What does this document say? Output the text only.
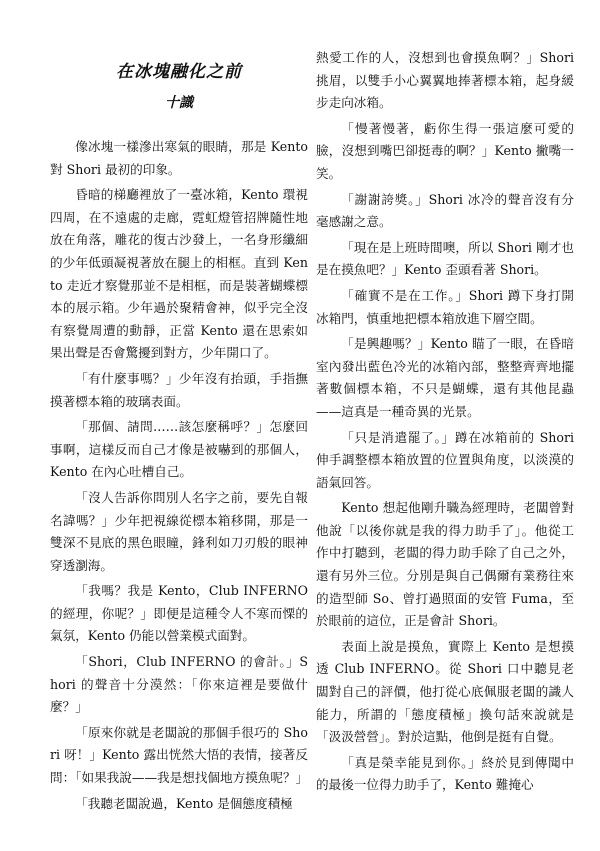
在冰塊融化之前
十識

像冰塊一樣滲出寒氣的眼睛，那是 Kento 對 Shori 最初的印象。

昏暗的梯廳裡放了一臺冰箱，Kento 環視四周，在不遠處的走廊，霓虹燈管招牌隨性地放在角落，雕花的復古沙發上，一名身形纖細的少年低頭凝視著放在腿上的相框。直到 Kento 走近才察覺那並不是相框，而是裝著蝴蝶標本的展示箱。少年過於聚精會神，似乎完全沒有察覺周遭的動靜，正當 Kento 還在思索如果出聲是否會驚擾到對方，少年開口了。

「有什麼事嗎？」少年沒有抬頭，手指撫摸著標本箱的玻璃表面。

「那個、請問……該怎麼稱呼？」怎麼回事啊，這樣反而自己才像是被嚇到的那個人，Kento 在內心吐槽自己。

「沒人告訴你問別人名字之前，要先自報名諱嗎？」少年把視線從標本箱移開，那是一雙深不見底的黑色眼瞳，鋒利如刀刃般的眼神穿透瀏海。

「我嗎？我是 Kento，Club INFERNO 的經理，你呢？」即便是這種令人不寒而慄的氣氛，Kento 仍能以營業模式面對。

「Shori，Club INFERNO 的會計。」Shori 的聲音十分漠然：「你來這裡是要做什麼？」

「原來你就是老闆說的那個手很巧的 Shori 呀！」Kento 露出恍然大悟的表情，接著反問：「如果我說——我是想找個地方摸魚呢？」

「我聽老闆說過，Kento 是個態度積極

熱愛工作的人，沒想到也會摸魚啊？」Shori 挑眉，以雙手小心翼翼地捧著標本箱，起身緩步走向冰箱。

「慢著慢著，虧你生得一張這麼可愛的臉，沒想到嘴巴卻挺毒的啊？」Kento 撇嘴一笑。

「謝謝誇獎。」Shori 冰冷的聲音沒有分毫感謝之意。

「現在是上班時間噢，所以 Shori 剛才也是在摸魚吧？」Kento 歪頭看著 Shori。

「確實不是在工作。」Shori 蹲下身打開冰箱門，慎重地把標本箱放進下層空間。

「是興趣嗎？」Kento 瞄了一眼，在昏暗室內發出藍色冷光的冰箱內部，整整齊齊地擺著數個標本箱，不只是蝴蝶，還有其他昆蟲——這真是一種奇異的光景。

「只是消遣罷了。」蹲在冰箱前的 Shori 伸手調整標本箱放置的位置與角度，以淡漠的語氣回答。

Kento 想起他剛升職為經理時，老闆曾對他說「以後你就是我的得力助手了」。他從工作中打聽到，老闆的得力助手除了自己之外，還有另外三位。分別是與自己偶爾有業務往來的造型師 So、曾打過照面的安管 Fuma，至於眼前的這位，正是會計 Shori。

表面上說是摸魚，實際上 Kento 是想摸透 Club INFERNO。從 Shori 口中聽見老闆對自己的評價，他打從心底佩服老闆的識人能力，所謂的「態度積極」換句話來說就是「汲汲營營」。對於這點，他倒是挺有自覺。

「真是榮幸能見到你。」終於見到傳聞中的最後一位得力助手了，Kento 難掩心
